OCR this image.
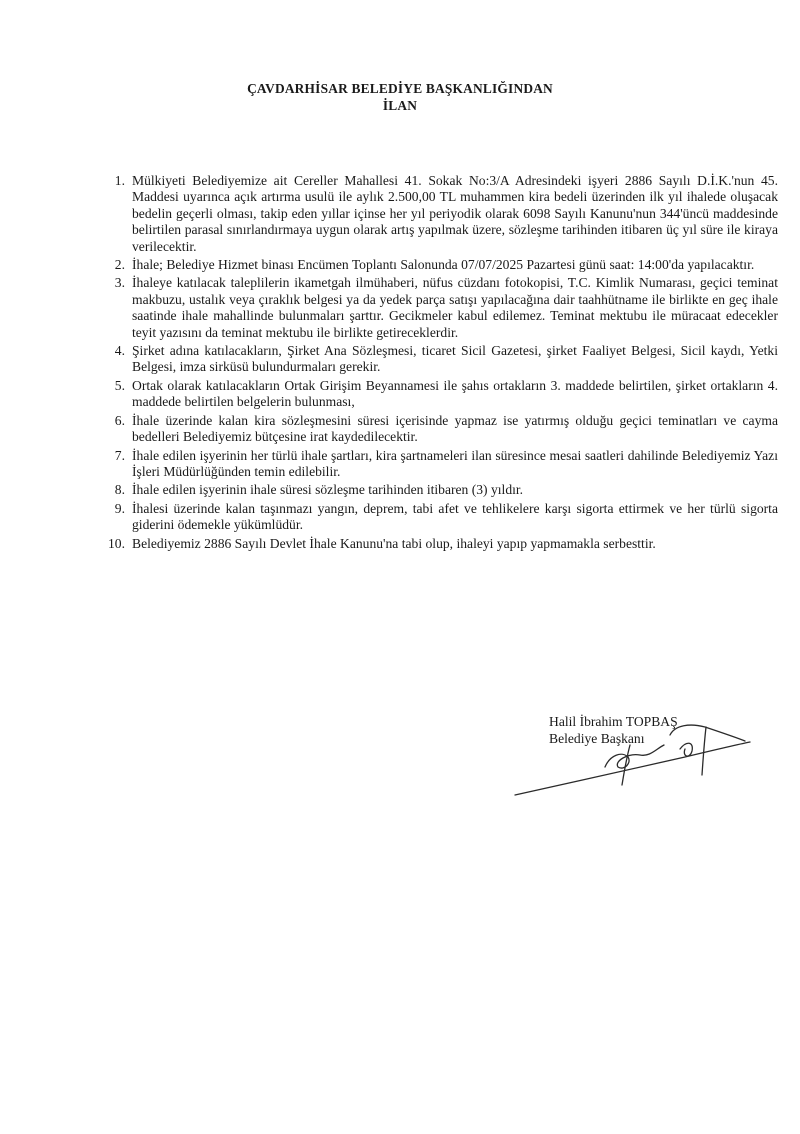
ÇAVDARHİSAR BELEDİYE BAŞKANLIĞINDAN
İLAN
1 . Mülkiyeti Belediyemize ait Cereller Mahallesi 41. Sokak No:3/A Adresindeki işyeri 2886 Sayılı D.İ.K.'nun 45. Maddesi uyarınca açık artırma usulü ile aylık 2.500,00 TL muhammen kira bedeli üzerinden ilk yıl ihalede oluşacak bedelin geçerli olması, takip eden yıllar içinse her yıl periyodik olarak 6098 Sayılı Kanunu'nun 344'üncü maddesinde belirtilen parasal sınırlandırmaya uygun olarak artış yapılmak üzere, sözleşme tarihinden itibaren üç yıl süre ile kiraya verilecektir.
2 . İhale; Belediye Hizmet binası Encümen Toplantı Salonunda 07/07/2025 Pazartesi günü saat: 14:00'da yapılacaktır.
3 . İhaleye katılacak taleplilerin ikametgah ilmühaberi, nüfus cüzdanı fotokopisi, T.C. Kimlik Numarası, geçici teminat makbuzu, ustalık veya çıraklık belgesi ya da yedek parça satışı yapılacağına dair taahhütname ile birlikte en geç ihale saatinde ihale mahallinde bulunmaları şarttır. Gecikmeler kabul edilemez. Teminat mektubu ile müracaat edecekler teyit yazısını da teminat mektubu ile birlikte getireceklerdir.
4 . Şirket adına katılacakların, Şirket Ana Sözleşmesi, ticaret Sicil Gazetesi, şirket Faaliyet Belgesi, Sicil kaydı, Yetki Belgesi, imza sirküsü bulundurmaları gerekir.
5 . Ortak olarak katılacakların Ortak Girişim Beyannamesi ile şahıs ortakların 3. maddede belirtilen, şirket ortakların 4. maddede belirtilen belgelerin bulunması,
6 . İhale üzerinde kalan kira sözleşmesini süresi içerisinde yapmaz ise yatırmış olduğu geçici teminatları ve cayma bedelleri Belediyemiz bütçesine irat kaydedilecektir.
7 . İhale edilen işyerinin her türlü ihale şartları, kira şartnameleri ilan süresince mesai saatleri dahilinde Belediyemiz Yazı İşleri Müdürlüğünden temin edilebilir.
8 . İhale edilen işyerinin ihale süresi sözleşme tarihinden itibaren (3) yıldır.
9 . İhalesi üzerinde kalan taşınmazı yangın, deprem, tabi afet ve tehlikelere karşı sigorta ettirmek ve her türlü sigorta giderini ödemekle yükümlüdür.
10 . Belediyemiz 2886 Sayılı Devlet İhale Kanunu'na tabi olup, ihaleyi yapıp yapmamakla serbesttir.
Halil İbrahim TOPBAŞ
Belediye Başkanı
